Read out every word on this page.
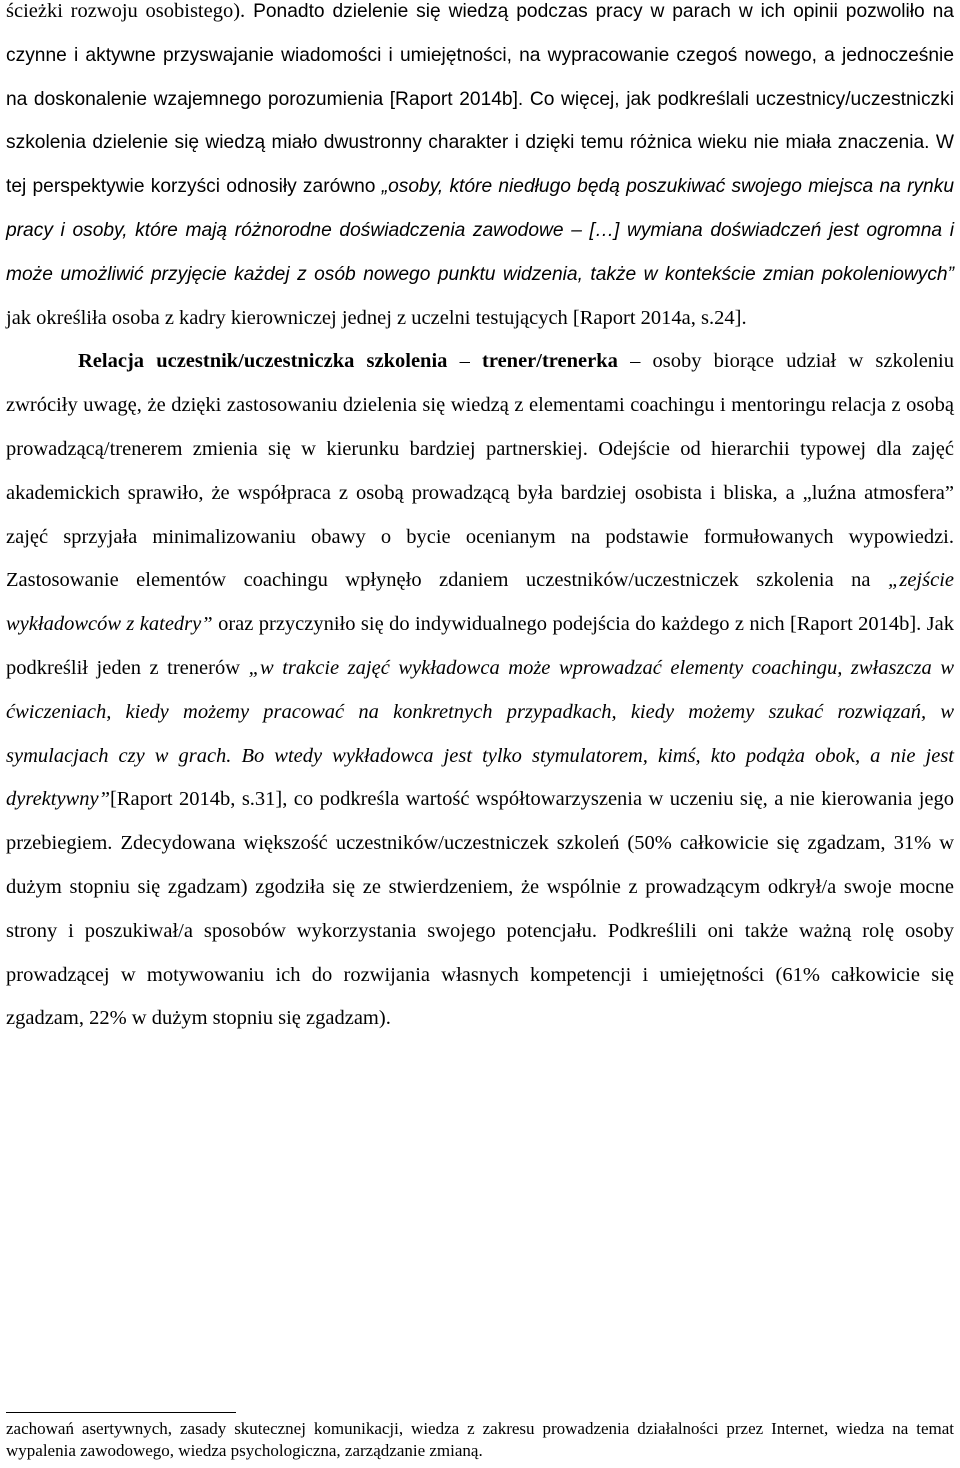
ścieżki rozwoju osobistego). Ponadto dzielenie się wiedzą podczas pracy w parach w ich opinii pozwoliło na czynne i aktywne przyswajanie wiadomości i umiejętności, na wypracowanie czegoś nowego, a jednocześnie na doskonalenie wzajemnego porozumienia [Raport 2014b]. Co więcej, jak podkreślali uczestnicy/uczestniczki szkolenia dzielenie się wiedzą miało dwustronny charakter i dzięki temu różnica wieku nie miała znaczenia. W tej perspektywie korzyści odnosiły zarówno „osoby, które niedługo będą poszukiwać swojego miejsca na rynku pracy i osoby, które mają różnorodne doświadczenia zawodowe – […] wymiana doświadczeń jest ogromna i może umożliwić przyjęcie każdej z osób nowego punktu widzenia, także w kontekście zmian pokoleniowych” jak określiła osoba z kadry kierowniczej jednej z uczelni testujących [Raport 2014a, s.24].

Relacja uczestnik/uczestniczka szkolenia – trener/trenerka – osoby biorące udział w szkoleniu zwróciły uwagę, że dzięki zastosowaniu dzielenia się wiedzą z elementami coachingu i mentoringu relacja z osobą prowadzącą/trenerem zmienia się w kierunku bardziej partnerskiej. Odejście od hierarchii typowej dla zajęć akademickich sprawiło, że współpraca z osobą prowadzącą była bardziej osobista i bliska, a „luźna atmosfera” zajęć sprzyjała minimalizowaniu obawy o bycie ocenianym na podstawie formułowanych wypowiedzi. Zastosowanie elementów coachingu wpłynęło zdaniem uczestników/uczestniczek szkolenia na „zejście wykładowców z katedry” oraz przyczyniło się do indywidualnego podejścia do każdego z nich [Raport 2014b]. Jak podkreślił jeden z trenerów „w trakcie zajęć wykładowca może wprowadzać elementy coachingu, zwłaszcza w ćwiczeniach, kiedy możemy pracować na konkretnych przypadkach, kiedy możemy szukać rozwiązań, w symulacjach czy w grach. Bo wtedy wykładowca jest tylko stymulatorem, kimś, kto podąża obok, a nie jest dyrektywny”[Raport 2014b, s.31], co podkreśla wartość współtowarzyszenia w uczeniu się, a nie kierowania jego przebiegiem. Zdecydowana większość uczestników/uczestniczek szkoleń (50% całkowicie się zgadzam, 31% w dużym stopniu się zgadzam) zgodziła się ze stwierdzeniem, że wspólnie z prowadzącym odkrył/a swoje mocne strony i poszukiwał/a sposobów wykorzystania swojego potencjału. Podkreślili oni także ważną rolę osoby prowadzącej w motywowaniu ich do rozwijania własnych kompetencji i umiejętności (61% całkowicie się zgadzam, 22% w dużym stopniu się zgadzam).

zachowań asertywnych, zasady skutecznej komunikacji, wiedza z zakresu prowadzenia działalności przez Internet, wiedza na temat wypalenia zawodowego, wiedza psychologiczna, zarządzanie zmianą.
